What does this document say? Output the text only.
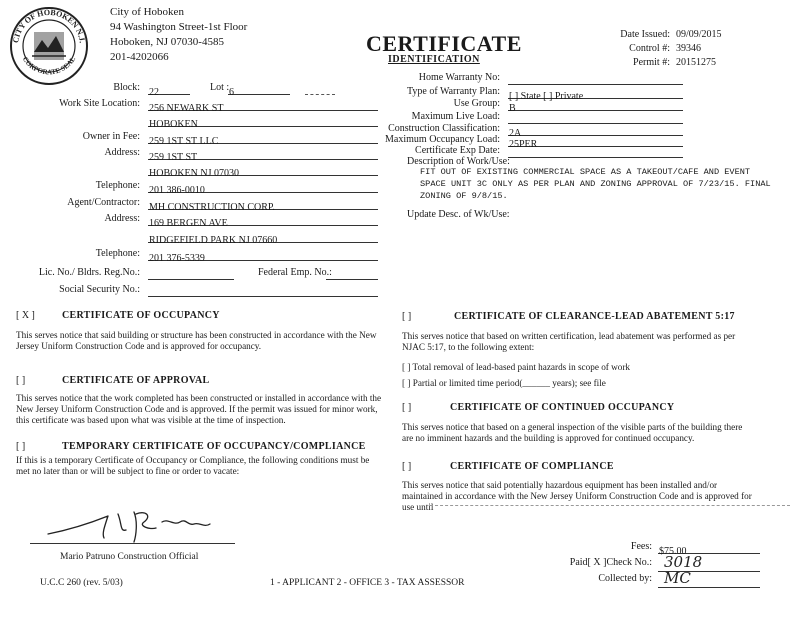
CITY OF HOBOKEN N.J.
CORPORATE SEAL
City of Hoboken
94 Washington Street-1st Floor
Hoboken, NJ 07030-4585
201-4202066
CERTIFICATE
IDENTIFICATION
Date Issued: 09/09/2015
Control #: 39346
Permit #: 20151275
Block: 22	Lot : 6
Work Site Location: 256 NEWARK ST
HOBOKEN
Owner in Fee: 259 1ST ST LLC
Address: 259 1ST ST
HOBOKEN NJ 07030
Telephone: 201 386-0010
Agent/Contractor: MH CONSTRUCTION CORP.
Address: 169 BERGEN AVE
RIDGEFIELD PARK NJ 07660
Telephone: 201 376-5339
Lic. No./ Bldrs. Reg.No.:	Federal Emp. No.:
Social Security No.:
Home Warranty No:
Type of Warranty Plan: [ ] State [ ] Private
Use Group: B
Maximum Live Load:
Construction Classification: 2A
Maximum Occupancy Load: 25PER
Certificate Exp Date:
Description of Work/Use:
FIT OUT OF EXISTING COMMERCIAL SPACE AS A TAKEOUT/CAFE AND EVENT
SPACE UNIT 3C ONLY AS PER PLAN AND ZONING APPROVAL OF 7/23/15. FINAL
ZONING OF 9/8/15.
Update Desc. of Wk/Use:
[ X ]	CERTIFICATE OF OCCUPANCY
This serves notice that said building or structure has been constructed in accordance with the New Jersey Uniform Construction Code and is approved for occupancy.
[ ]	CERTIFICATE OF APPROVAL
This serves notice that the work completed has been constructed or installed in accordance with the New Jersey Uniform Construction Code and is approved. If the permit was issued for minor work, this certificate was based upon what was visible at the time of inspection.
[ ]	TEMPORARY CERTIFICATE OF OCCUPANCY/COMPLIANCE
If this is a temporary Certificate of Occupancy or Compliance, the following conditions must be
met no later than or will be subject to fine or order to vacate:
[ ]	CERTIFICATE OF CLEARANCE-LEAD ABATEMENT 5:17
This serves notice that based on written certification, lead abatement was performed as per NJAC 5:17, to the following extent:
[ ] Total removal of lead-based paint hazards in scope of work
[ ] Partial or limited time period(______ years); see file
[ ]	CERTIFICATE OF CONTINUED OCCUPANCY
This serves notice that based on a general inspection of the visible parts of the building there are no imminent hazards and the building is approved for continued occupancy.
[ ]	CERTIFICATE OF COMPLIANCE
This serves notice that said potentially hazardous equipment has been installed and/or maintained in accordance with the New Jersey Uniform Construction Code and is approved for use until
Mario Patruno Construction Official
U.C.C 260 (rev. 5/03)	1 - APPLICANT 2 - OFFICE 3 - TAX ASSESSOR
Fees: $75.00
Paid[ X ]Check No.: 3018
Collected by: MC
